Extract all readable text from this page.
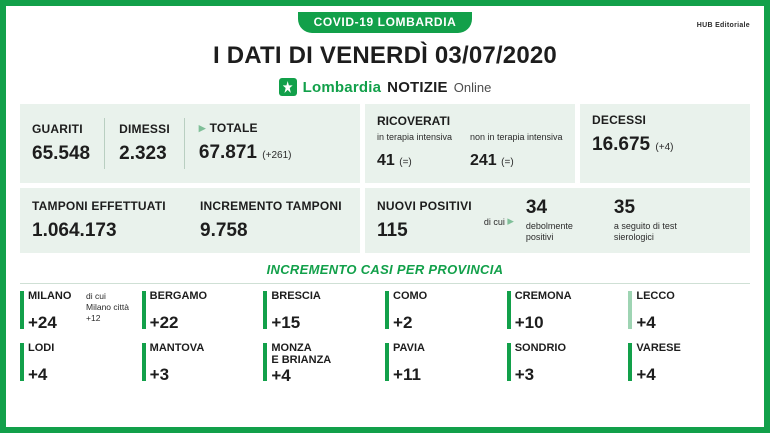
HUB Editoriale
COVID-19 LOMBARDIA
I DATI DI VENERDÌ 03/07/2020
Lombardia NOTIZIE Online
GUARITI
65.548
DIMESSI
2.323
▸ TOTALE
67.871 (+261)
RICOVERATI
in terapia intensiva
41 (=)
non in terapia intensiva
241 (=)
DECESSI
16.675 (+4)
TAMPONI EFFETTUATI
1.064.173
INCREMENTO TAMPONI
9.758
NUOVI POSITIVI
115	di cui ▸
34
debolmente positivi
35
a seguito di test sierologici
INCREMENTO CASI PER PROVINCIA
MILANO
+24
di cui
Milano città
+12
BERGAMO
+22
BRESCIA
+15
COMO
+2
CREMONA
+10
LECCO
+4
LODI
+4
MANTOVA
+3
MONZA
E BRIANZA
+4
PAVIA
+11
SONDRIO
+3
VARESE
+4
